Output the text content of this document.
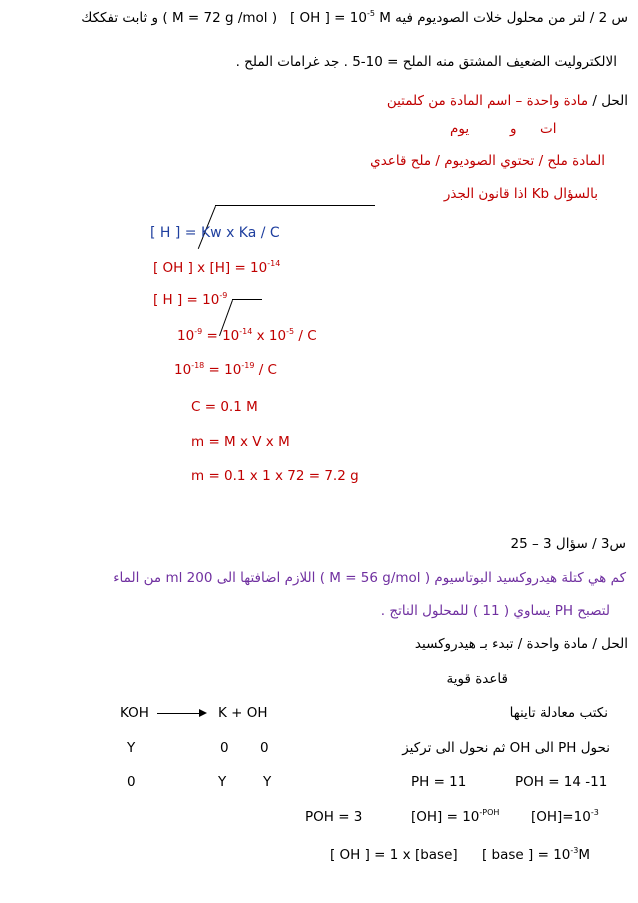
و ثابت تفككك ( M = 72 g /mol ) [ OH ] = $10^{-5}$ M س 2 / لتر من محلول خلات الصوديوم فيه
الالكتروليت الضعيف المشتق منه الملح = 10-5 . جد غرامات الملح .
الحل / مادة واحدة – اسم المادة من كلمتين
ات
و
يوم
المادة ملح / تحتوي الصوديوم / ملح قاعدي
بالسؤال Kb اذا قانون الجذر
[ H ] = Kw x Ka / C
[ OH ] x $[H] = 10^{-14}$
[ H ] = $10^{-9}$
$10^{-9} = 10^{-14}$ x $10^{-5}$ / C
$10^{-18} = 10^{-19} / C$
C = 0.1 M
m = M x V x M
m = 0.1 x 1 x 72 = 7.2 g
س3 / سؤال 3 – 25
كم هي كتلة هيدروكسيد البوتاسيوم ( M = 56 g/mol ) اللازم اضافتها الى 200 ml من الماء
لتصبح PH يساوي ( 11 ) للمحلول الناتج .
الحل / مادة واحدة / تبدء بـ هيدروكسيد
قاعدة قوية
KOH	K + OH	نكتب معادلة تاينها
Y	0 0	نحول PH الى OH ثم نحول الى تركيز
0	Y	Y	PH = 11	POH = 14 -11
POH = 3	$[OH] = 10^{-POH}$ $[OH]=10^{-3}$
[ OH ] = 1 x [base] [ base ] = $10^{-3}M$
